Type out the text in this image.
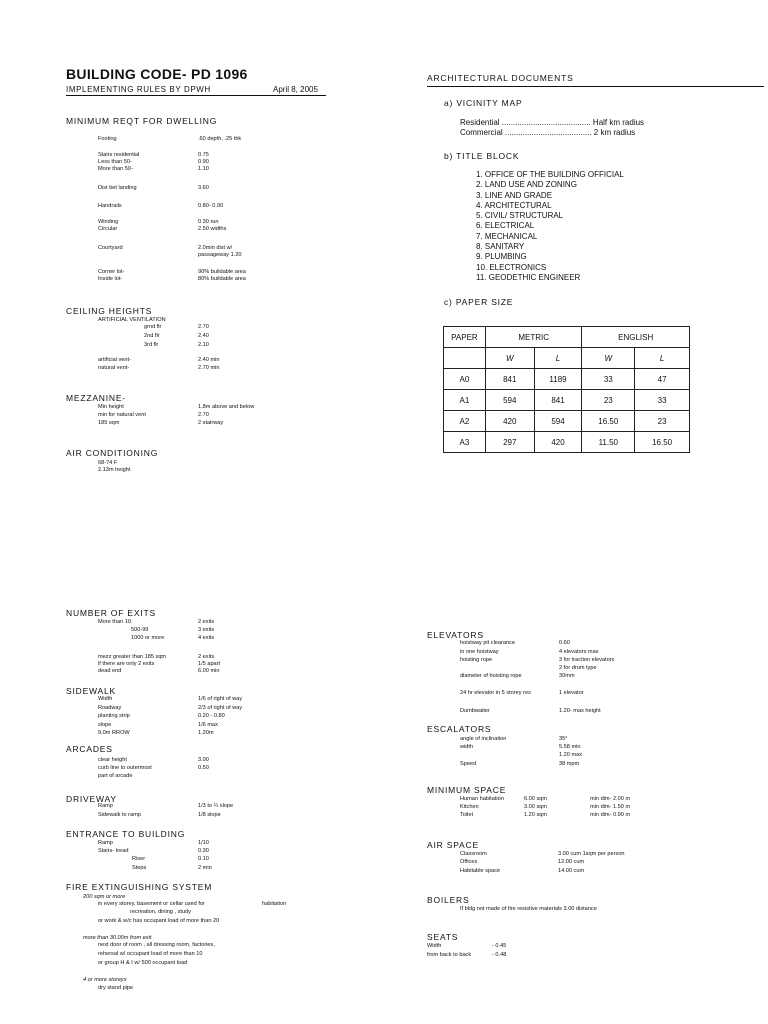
BUILDING CODE- PD 1096
IMPLEMENTING RULES BY DPWH	April 8, 2005
MINIMUM REQT FOR DWELLING
Footing	.60 depth, .25 thk
Stairs residential	0.75
Less than 50-	0.90
More than 50-	1.10
Dist bet landing	3.60
Handrails	0.80- 0.90
Winding	0.30 run
Circular	2.50 widths
Courtyard	2.0min dist w/
passageway 1.20
Corner lot-	90% buildable area
Inside lot-	80% buildable area
CEILING HEIGHTS
ARTIFICIAL VENTILATION
grnd flr	2.70
2nd flr	2.40
3rd flr	2.10
artificial vent-	2.40 min
natural vent-	2.70 min
MEZZANINE-
Min height	1.8m above and below
min for natural vent	2.70
185 sqm	2 stairway
AIR CONDITIONING
68-74 F
2.13m height
NUMBER OF EXITS
More than 10	2 exits
500-99	3 exits
1000 or more	4 exits
mezz greater than 185 sqm	2 exits
if there are only 2 exits	1/5 apart
dead end	6.00 min
SIDEWALK
Width	1/6 of right of way
Roadway	2/3 of right of way
planting strip	0.20 - 0.80
slope	1/6 max
9.0m RROW	1.20m
ARCADES
clear height	3.00
curb line to outermost	0.50
part of arcade
DRIVEWAY
Ramp	1/3 to ¼ slope
Sidewalk to ramp	1/8 slope
ENTRANCE TO BUILDING
Ramp	1/10
Stairs- tread	0.30
Riser	0.10
Steps	2 min
FIRE EXTINGUISHING SYSTEM
200 sqm or more
in every storey, basement or cellar used for	habitation
recreation, dining , study
or work & w/c has occupant load of more than 20
more than 30.00m from exit
next door of room , all dressing room, factories,
rehersal w/ occupant load of more than 10
or group H & I w/ 500 occupant load
4 or more storeys
dry stand pipe
ARCHITECTURAL DOCUMENTS
a) VICINITY MAP
Residential ........................................ Half km radius
Commercial ....................................... 2 km radius
b) TITLE BLOCK
1. OFFICE OF THE BUILDING OFFICIAL
2. LAND USE AND ZONING
3. LINE AND GRADE
4. ARCHITECTURAL
5. CIVIL/ STRUCTURAL
6. ELECTRICAL
7. MECHANICAL
8. SANITARY
9. PLUMBING
10. ELECTRONICS
11. GEODETHIC ENGINEER
c) PAPER SIZE
PAPER	METRIC		ENGLISH	
	W	L	W	L
A0	841	1189	33	47
A1	594	841	23	33
A2	420	594	16.50	23
A3	297	420	11.50	16.50
ELEVATORS
hoistway pit clearance	0.60
in one hoistway	4 elevators max
hoisting rope	3 for traction elevators
2 for drum type
diameter of hoisting rope	30mm
24 hr elevator in 5 storey res	1 elevator
Dumbwaiter	1.20- max height
ESCALATORS
angle of inclination	35°
width	5.58 min
1.20 max
Speed	38 mpm
MINIMUM SPACE
Human habitation	6.00 sqm	min dim- 2.00 m
Kitchen	3.00 sqm	min dim- 1.50 m
Toilet	1.20 sqm	min dim- 0.90 m
AIR SPACE
Classroom	3.00 cum 1sqm per person
Offices	12.00 cum
Habitable space	14.00 cum
BOILERS
If bldg not made of fire resistive materials 3.00 distance
SEATS
Width	- 0.45
from back to back	- 0.48
